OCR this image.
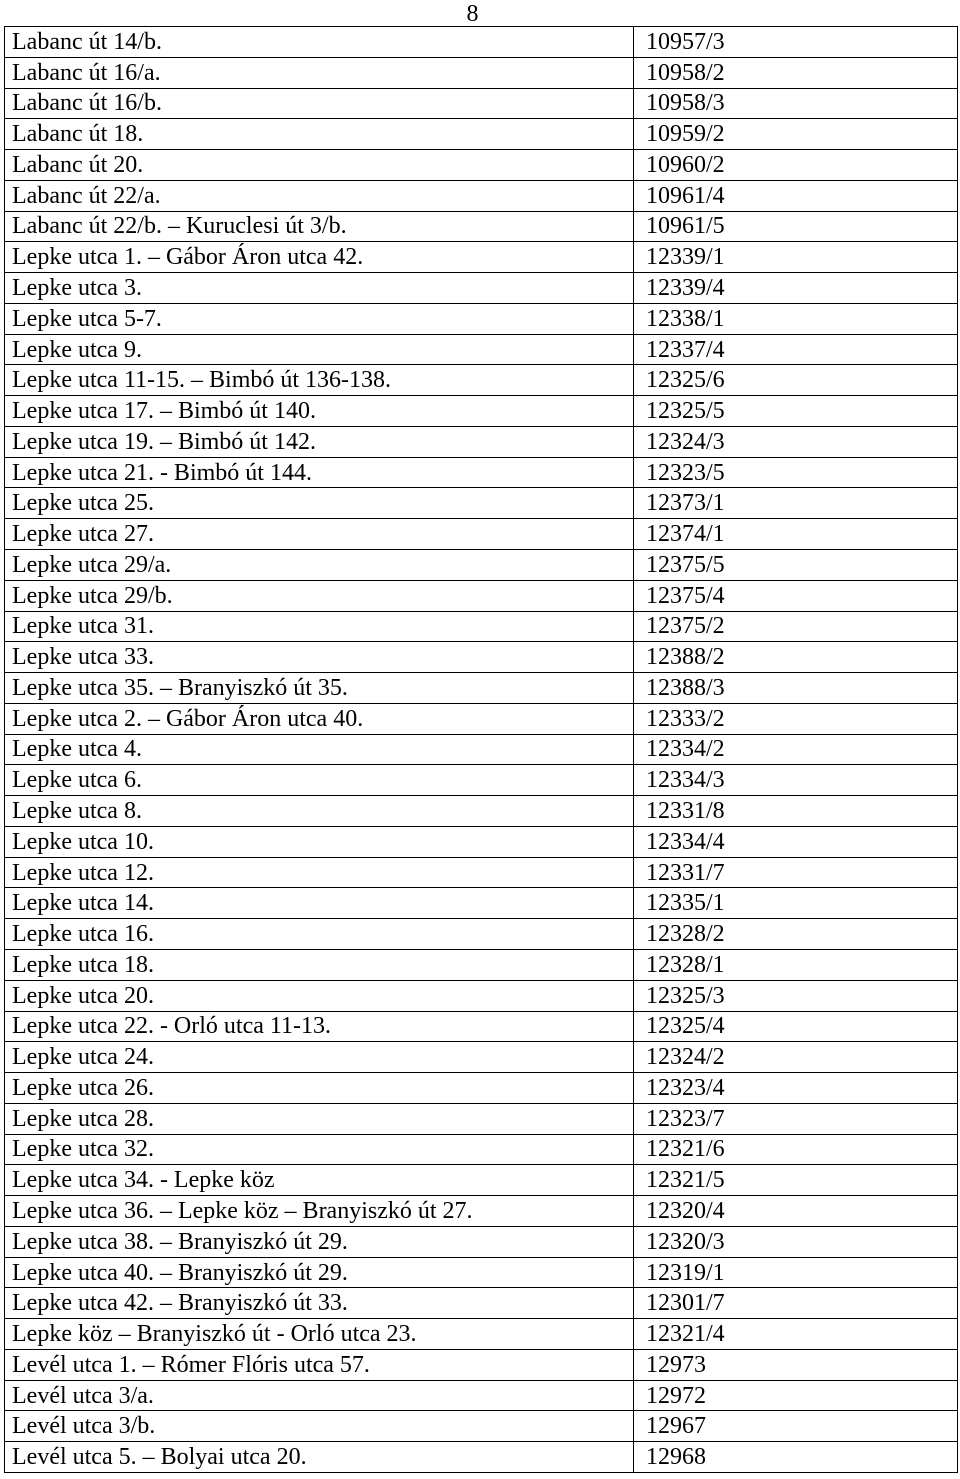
8
Labanc út 14/b.	10957/3
Labanc út 16/a.	10958/2
Labanc út 16/b.	10958/3
Labanc út 18.	10959/2
Labanc út 20.	10960/2
Labanc út 22/a.	10961/4
Labanc út 22/b. – Kuruclesi út 3/b.	10961/5
Lepke utca 1. – Gábor Áron utca 42.	12339/1
Lepke utca 3.	12339/4
Lepke utca 5-7.	12338/1
Lepke utca 9.	12337/4
Lepke utca 11-15. – Bimbó út 136-138.	12325/6
Lepke utca 17. – Bimbó út 140.	12325/5
Lepke utca 19. – Bimbó út 142.	12324/3
Lepke utca 21. - Bimbó út 144.	12323/5
Lepke utca 25.	12373/1
Lepke utca 27.	12374/1
Lepke utca 29/a.	12375/5
Lepke utca 29/b.	12375/4
Lepke utca 31.	12375/2
Lepke utca 33.	12388/2
Lepke utca 35. – Branyiszkó út 35.	12388/3
Lepke utca 2. – Gábor Áron utca 40.	12333/2
Lepke utca 4.	12334/2
Lepke utca 6.	12334/3
Lepke utca 8.	12331/8
Lepke utca 10.	12334/4
Lepke utca 12.	12331/7
Lepke utca 14.	12335/1
Lepke utca 16.	12328/2
Lepke utca 18.	12328/1
Lepke utca 20.	12325/3
Lepke utca 22. - Orló utca 11-13.	12325/4
Lepke utca 24.	12324/2
Lepke utca 26.	12323/4
Lepke utca 28.	12323/7
Lepke utca 32.	12321/6
Lepke utca 34. - Lepke köz	12321/5
Lepke utca 36. – Lepke köz – Branyiszkó út 27.	12320/4
Lepke utca 38. – Branyiszkó út 29.	12320/3
Lepke utca 40. – Branyiszkó út 29.	12319/1
Lepke utca 42. – Branyiszkó út 33.	12301/7
Lepke köz – Branyiszkó út - Orló utca 23.	12321/4
Levél utca 1. – Rómer Flóris utca 57.	12973
Levél utca 3/a.	12972
Levél utca 3/b.	12967
Levél utca 5. – Bolyai utca 20.	12968
